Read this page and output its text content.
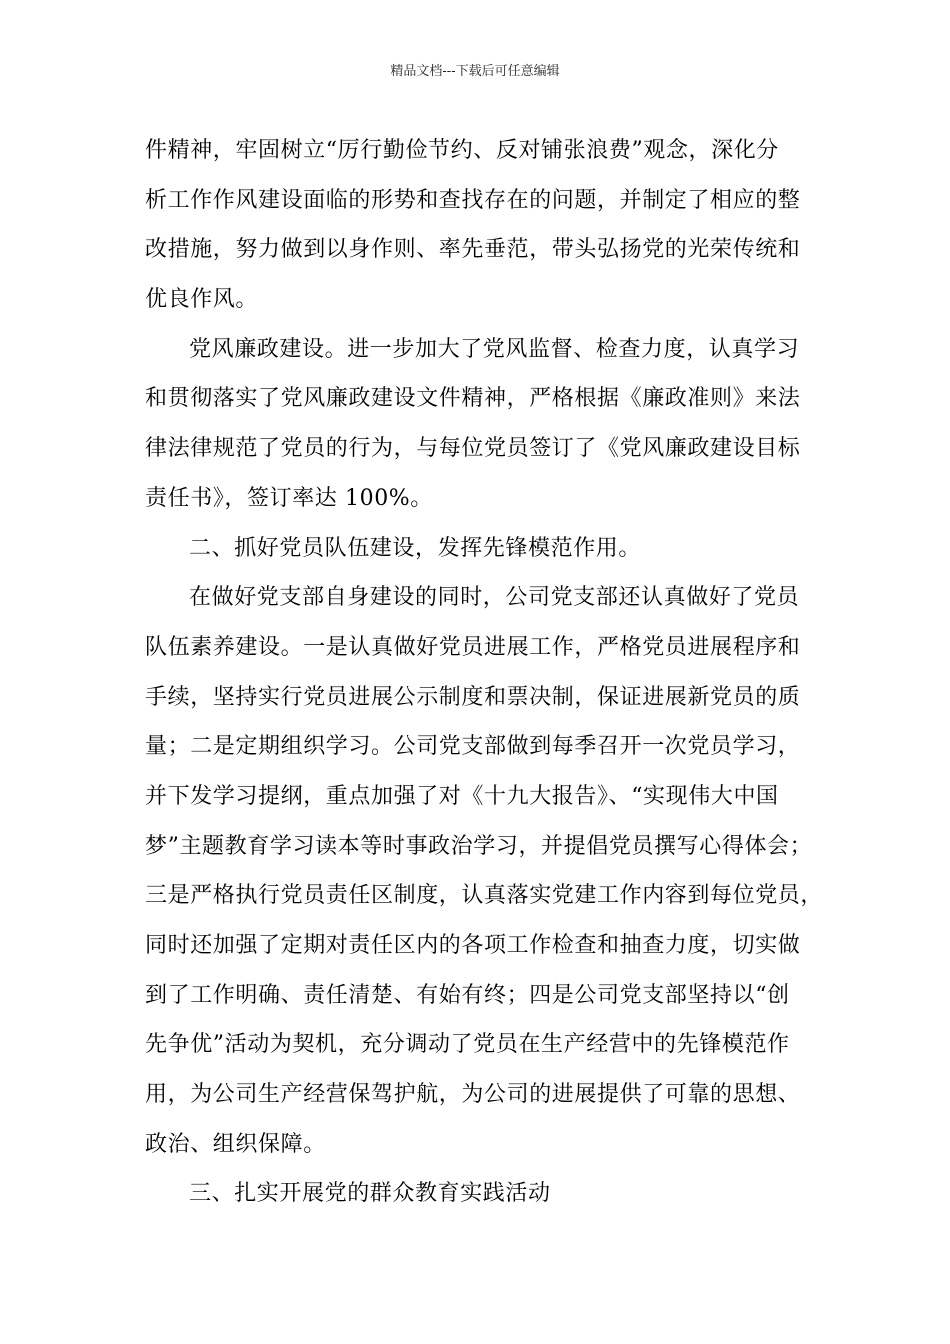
精品文档---下载后可任意编辑
件精神，牢固树立“厉行勤俭节约、反对铺张浪费”观念，深化分
析工作作风建设面临的形势和查找存在的问题，并制定了相应的整
改措施，努力做到以身作则、率先垂范，带头弘扬党的光荣传统和
优良作风。
党风廉政建设。进一步加大了党风监督、检查力度，认真学习
和贯彻落实了党风廉政建设文件精神，严格根据《廉政准则》来法
律法律规范了党员的行为，与每位党员签订了《党风廉政建设目标
责任书》，签订率达 100%。
二、抓好党员队伍建设，发挥先锋模范作用。
在做好党支部自身建设的同时，公司党支部还认真做好了党员
队伍素养建设。一是认真做好党员进展工作，严格党员进展程序和
手续，坚持实行党员进展公示制度和票决制，保证进展新党员的质
量；二是定期组织学习。公司党支部做到每季召开一次党员学习，
并下发学习提纲，重点加强了对《十九大报告》、“实现伟大中国
梦”主题教育学习读本等时事政治学习，并提倡党员撰写心得体会；
三是严格执行党员责任区制度，认真落实党建工作内容到每位党员，
同时还加强了定期对责任区内的各项工作检查和抽查力度，切实做
到了工作明确、责任清楚、有始有终；四是公司党支部坚持以“创
先争优”活动为契机，充分调动了党员在生产经营中的先锋模范作
用，为公司生产经营保驾护航，为公司的进展提供了可靠的思想、
政治、组织保障。
三、扎实开展党的群众教育实践活动
